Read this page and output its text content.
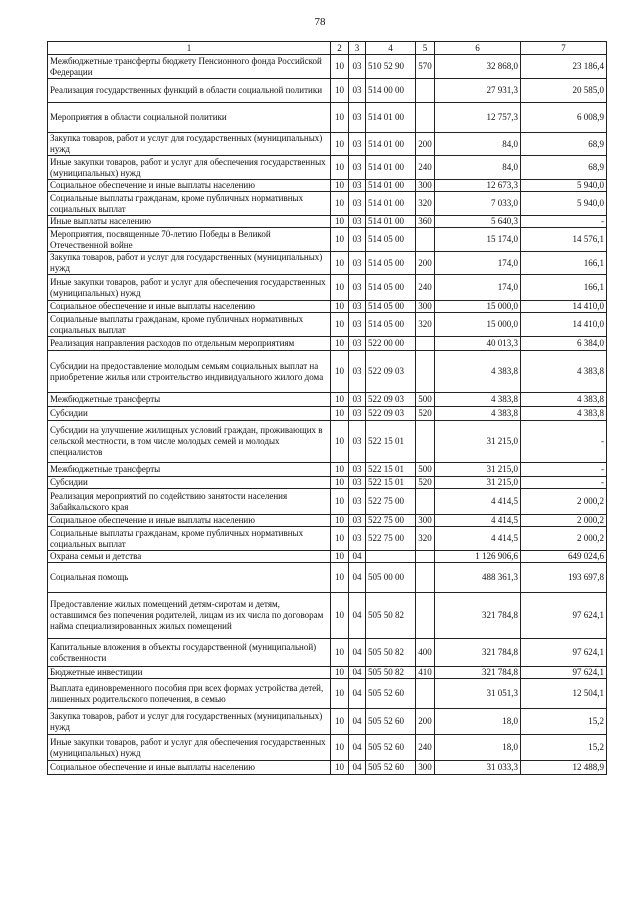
78
1	2	3	4	5	6	7
Межбюджетные трансферты бюджету Пенсионного фонда Российской Федерации	10	03	510 52 90	570	32 868,0	23 186,4
Реализация государственных функций в области социальной политики	10	03	514 00 00		27 931,3	20 585,0
Мероприятия в области социальной политики	10	03	514 01 00		12 757,3	6 008,9
Закупка товаров, работ и услуг для государственных (муниципальных) нужд	10	03	514 01 00	200	84,0	68,9
Иные закупки товаров, работ и услуг для обеспечения государственных (муниципальных) нужд	10	03	514 01 00	240	84,0	68,9
Социальное обеспечение и иные выплаты населению	10	03	514 01 00	300	12 673,3	5 940,0
Социальные выплаты гражданам, кроме публичных нормативных социальных выплат	10	03	514 01 00	320	7 033,0	5 940,0
Иные выплаты населению	10	03	514 01 00	360	5 640,3	-
Мероприятия, посвященные 70-летию Победы в Великой Отечественной войне	10	03	514 05 00		15 174,0	14 576,1
Закупка товаров, работ и услуг для государственных (муниципальных) нужд	10	03	514 05 00	200	174,0	166,1
Иные закупки товаров, работ и услуг для обеспечения государственных (муниципальных) нужд	10	03	514 05 00	240	174,0	166,1
Социальное обеспечение и иные выплаты населению	10	03	514 05 00	300	15 000,0	14 410,0
Социальные выплаты гражданам, кроме публичных нормативных социальных выплат	10	03	514 05 00	320	15 000,0	14 410,0
Реализация направления расходов по отдельным мероприятиям	10	03	522 00 00		40 013,3	6 384,0
Субсидии на предоставление молодым семьям социальных выплат на приобретение жилья или строительство индивидуального жилого дома	10	03	522 09 03		4 383,8	4 383,8
Межбюджетные трансферты	10	03	522 09 03	500	4 383,8	4 383,8
Субсидии	10	03	522 09 03	520	4 383,8	4 383,8
Субсидии на улучшение жилищных условий граждан, проживающих в сельской местности, в том числе молодых семей и молодых специалистов	10	03	522 15 01		31 215,0	-
Межбюджетные трансферты	10	03	522 15 01	500	31 215,0	-
Субсидии	10	03	522 15 01	520	31 215,0	-
Реализация мероприятий по содействию занятости населения Забайкальского края	10	03	522 75 00		4 414,5	2 000,2
Социальное обеспечение и иные выплаты населению	10	03	522 75 00	300	4 414,5	2 000,2
Социальные выплаты гражданам, кроме публичных нормативных социальных выплат	10	03	522 75 00	320	4 414,5	2 000,2
Охрана семьи и детства	10	04			1 126 906,6	649 024,6
Социальная помощь	10	04	505 00 00		488 361,3	193 697,8
Предоставление жилых помещений детям-сиротам и детям, оставшимся без попечения родителей, лицам из их числа по договорам найма специализированных жилых помещений	10	04	505 50 82		321 784,8	97 624,1
Капитальные вложения в объекты государственной (муниципальной) собственности	10	04	505 50 82	400	321 784,8	97 624,1
Бюджетные инвестиции	10	04	505 50 82	410	321 784,8	97 624,1
Выплата единовременного пособия при всех формах устройства детей, лишенных родительского попечения, в семью	10	04	505 52 60		31 051,3	12 504,1
Закупка товаров, работ и услуг для государственных (муниципальных) нужд	10	04	505 52 60	200	18,0	15,2
Иные закупки товаров, работ и услуг для обеспечения государственных (муниципальных) нужд	10	04	505 52 60	240	18,0	15,2
Социальное обеспечение и иные выплаты населению	10	04	505 52 60	300	31 033,3	12 488,9
